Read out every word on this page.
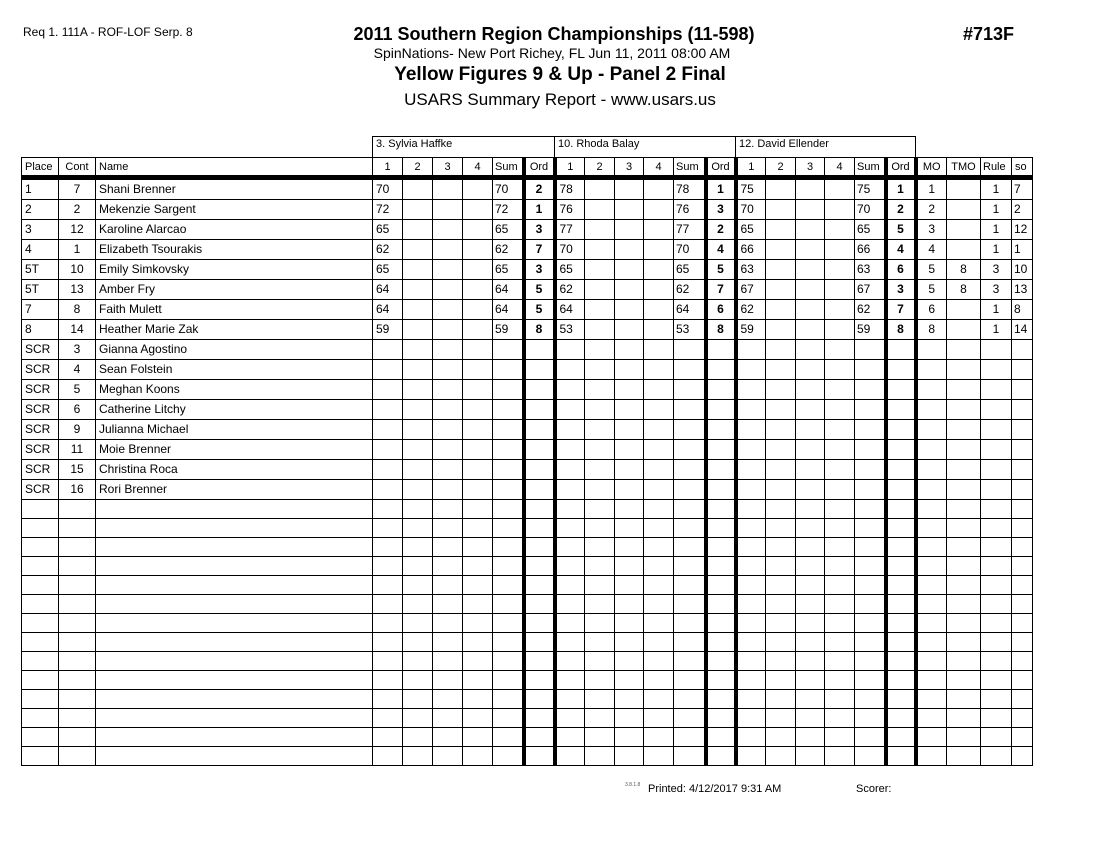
Req 1. 111A - ROF-LOF Serp. 8	2011 Southern Region Championships (11-598)	#713F
SpinNations- New Port Richey, FL Jun 11, 2011 08:00 AM
Yellow Figures 9 & Up - Panel 2 Final
USARS Summary Report - www.usars.us
			3. Sylvia Haffke						10. Rhoda Balay						12. David Ellender									
Place	Cont	Name	1	2	3	4	Sum	Ord	1	2	3	4	Sum	Ord	1	2	3	4	Sum	Ord	MO	TMO	Rule	so
1	7	Shani Brenner	70				70	2	78				78	1	75				75	1	1		1	7
2	2	Mekenzie Sargent	72				72	1	76				76	3	70				70	2	2		1	2
3	12	Karoline Alarcao	65				65	3	77				77	2	65				65	5	3		1	12
4	1	Elizabeth Tsourakis	62				62	7	70				70	4	66				66	4	4		1	1
5T	10	Emily Simkovsky	65				65	3	65				65	5	63				63	6	5	8	3	10
5T	13	Amber Fry	64				64	5	62				62	7	67				67	3	5	8	3	13
7	8	Faith Mulett	64				64	5	64				64	6	62				62	7	6		1	8
8	14	Heather Marie Zak	59				59	8	53				53	8	59				59	8	8		1	14
SCR	3	Gianna Agostino																						
SCR	4	Sean Folstein																						
SCR	5	Meghan Koons																						
SCR	6	Catherine Litchy																						
SCR	9	Julianna Michael																						
SCR	11	Moie Brenner																						
SCR	15	Christina Roca																						
SCR	16	Rori Brenner																						

3.8.1.8 Printed: 4/12/2017 9:31 AM	Scorer:
